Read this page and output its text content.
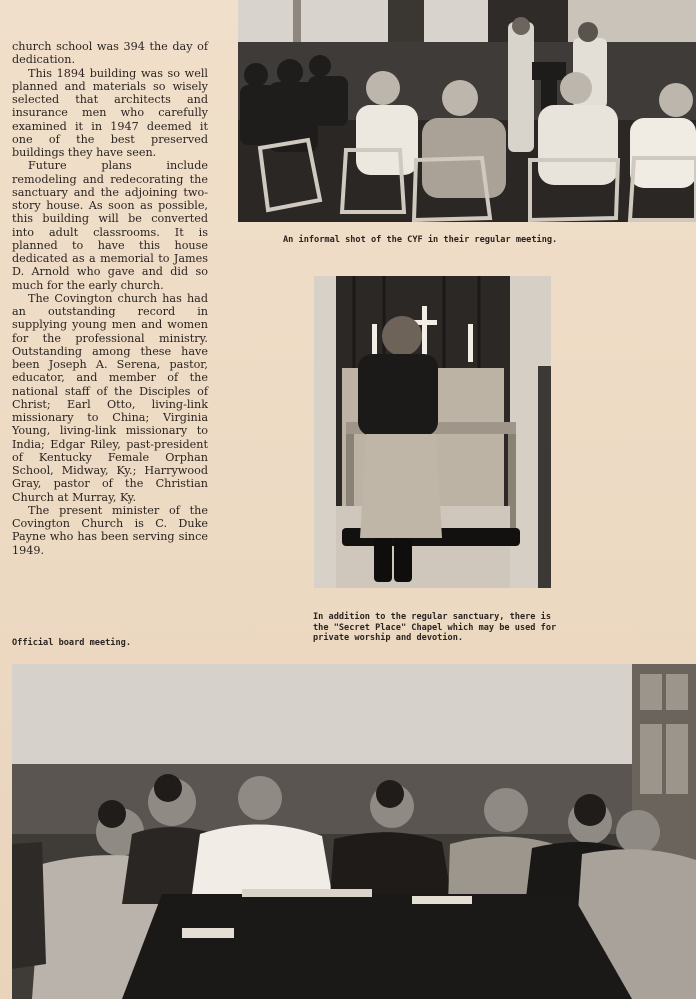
church school was 394 the day of dedication.

This 1894 building was so well planned and materials so wisely selected that architects and insurance men who carefully examined it in 1947 deemed it one of the best preserved buildings they have seen.

Future plans include remodeling and redecorating the sanctuary and the adjoining two-story house. As soon as possible, this building will be converted into adult classrooms. It is planned to have this house dedicated as a memorial to James D. Arnold who gave and did so much for the early church.

The Covington church has had an outstanding record in supplying young men and women for the professional ministry. Outstanding among these have been Joseph A. Serena, pastor, educator, and member of the national staff of the Disciples of Christ; Earl Otto, living-link missionary to China; Virginia Young, living-link missionary to India; Edgar Riley, past-president of Kentucky Female Orphan School, Midway, Ky.; Harrywood Gray, pastor of the Christian Church at Murray, Ky.

The present minister of the Covington Church is C. Duke Payne who has been serving since 1949.

An informal shot of the CYF in their regular meeting.
In addition to the regular sanctuary, there is the "Secret Place" Chapel which may be used for private worship and devotion.
Official board meeting.
